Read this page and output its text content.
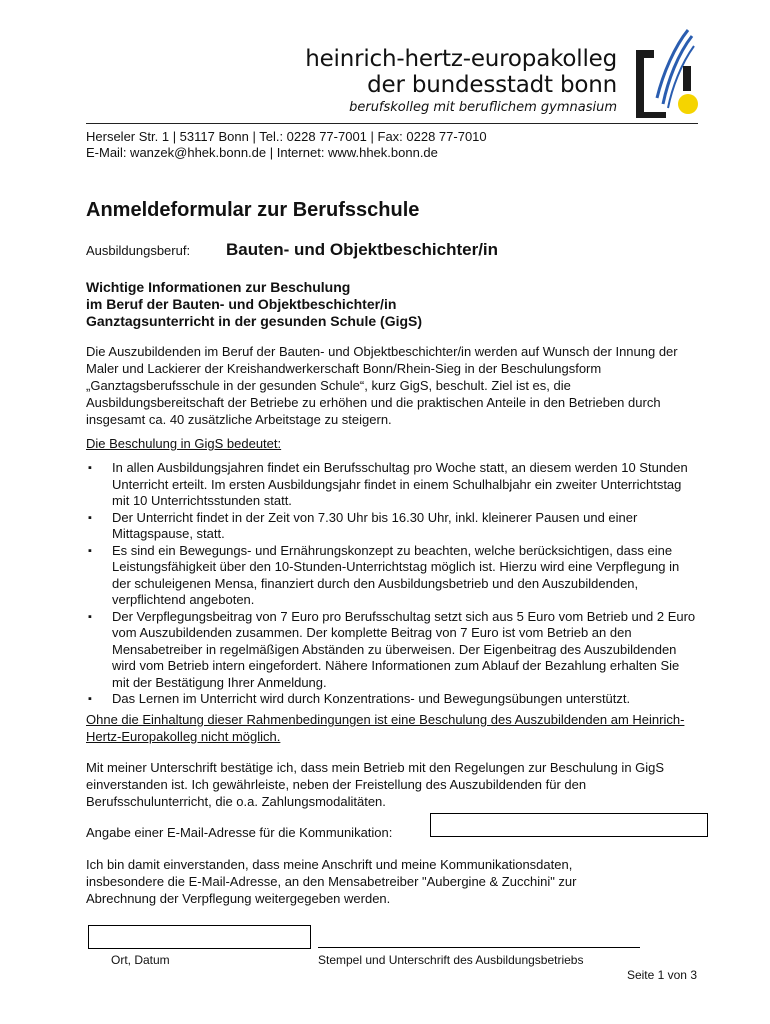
heinrich-hertz-europakolleg
der bundesstadt bonn
berufskolleg mit beruflichem gymnasium
Herseler Str. 1 | 53117 Bonn | Tel.: 0228 77-7001 | Fax: 0228 77-7010
E-Mail: wanzek@hhek.bonn.de | Internet: www.hhek.bonn.de
Anmeldeformular zur Berufsschule
Ausbildungsberuf: Bauten- und Objektbeschichter/in
Wichtige Informationen zur Beschulung
im Beruf der Bauten- und Objektbeschichter/in
Ganztagsunterricht in der gesunden Schule (GigS)
Die Auszubildenden im Beruf der Bauten- und Objektbeschichter/in werden auf Wunsch der Innung der Maler und Lackierer der Kreishandwerkerschaft Bonn/Rhein-Sieg in der Beschulungsform „Ganztagsberufsschule in der gesunden Schule“, kurz GigS, beschult. Ziel ist es, die Ausbildungsbereitschaft der Betriebe zu erhöhen und die praktischen Anteile in den Betrieben durch insgesamt ca. 40 zusätzliche Arbeitstage zu steigern.
Die Beschulung in GigS bedeutet:
▪ In allen Ausbildungsjahren findet ein Berufsschultag pro Woche statt, an diesem werden 10 Stunden Unterricht erteilt. Im ersten Ausbildungsjahr findet in einem Schulhalbjahr ein zweiter Unterrichtstag mit 10 Unterrichtsstunden statt.
▪ Der Unterricht findet in der Zeit von 7.30 Uhr bis 16.30 Uhr, inkl. kleinerer Pausen und einer Mittagspause, statt.
▪ Es sind ein Bewegungs- und Ernährungskonzept zu beachten, welche berücksichtigen, dass eine Leistungsfähigkeit über den 10-Stunden-Unterrichtstag möglich ist. Hierzu wird eine Verpflegung in der schuleigenen Mensa, finanziert durch den Ausbildungsbetrieb und den Auszubildenden, verpflichtend angeboten.
▪ Der Verpflegungsbeitrag von 7 Euro pro Berufsschultag setzt sich aus 5 Euro vom Betrieb und 2 Euro vom Auszubildenden zusammen. Der komplette Beitrag von 7 Euro ist vom Betrieb an den Mensabetreiber in regelmäßigen Abständen zu überweisen. Der Eigenbeitrag des Auszubildenden wird vom Betrieb intern eingefordert. Nähere Informationen zum Ablauf der Bezahlung erhalten Sie mit der Bestätigung Ihrer Anmeldung.
▪ Das Lernen im Unterricht wird durch Konzentrations- und Bewegungsübungen unterstützt.
Ohne die Einhaltung dieser Rahmenbedingungen ist eine Beschulung des Auszubildenden am Heinrich-Hertz-Europakolleg nicht möglich.
Mit meiner Unterschrift bestätige ich, dass mein Betrieb mit den Regelungen zur Beschulung in GigS einverstanden ist. Ich gewährleiste, neben der Freistellung des Auszubildenden für den Berufsschulunterricht, die o.a. Zahlungsmodalitäten.
Angabe einer E-Mail-Adresse für die Kommunikation:
Ich bin damit einverstanden, dass meine Anschrift und meine Kommunikationsdaten, insbesondere die E-Mail-Adresse, an den Mensabetreiber "Aubergine & Zucchini" zur Abrechnung der Verpflegung weitergegeben werden.
Ort, Datum	Stempel und Unterschrift des Ausbildungsbetriebs
Seite 1 von 3
